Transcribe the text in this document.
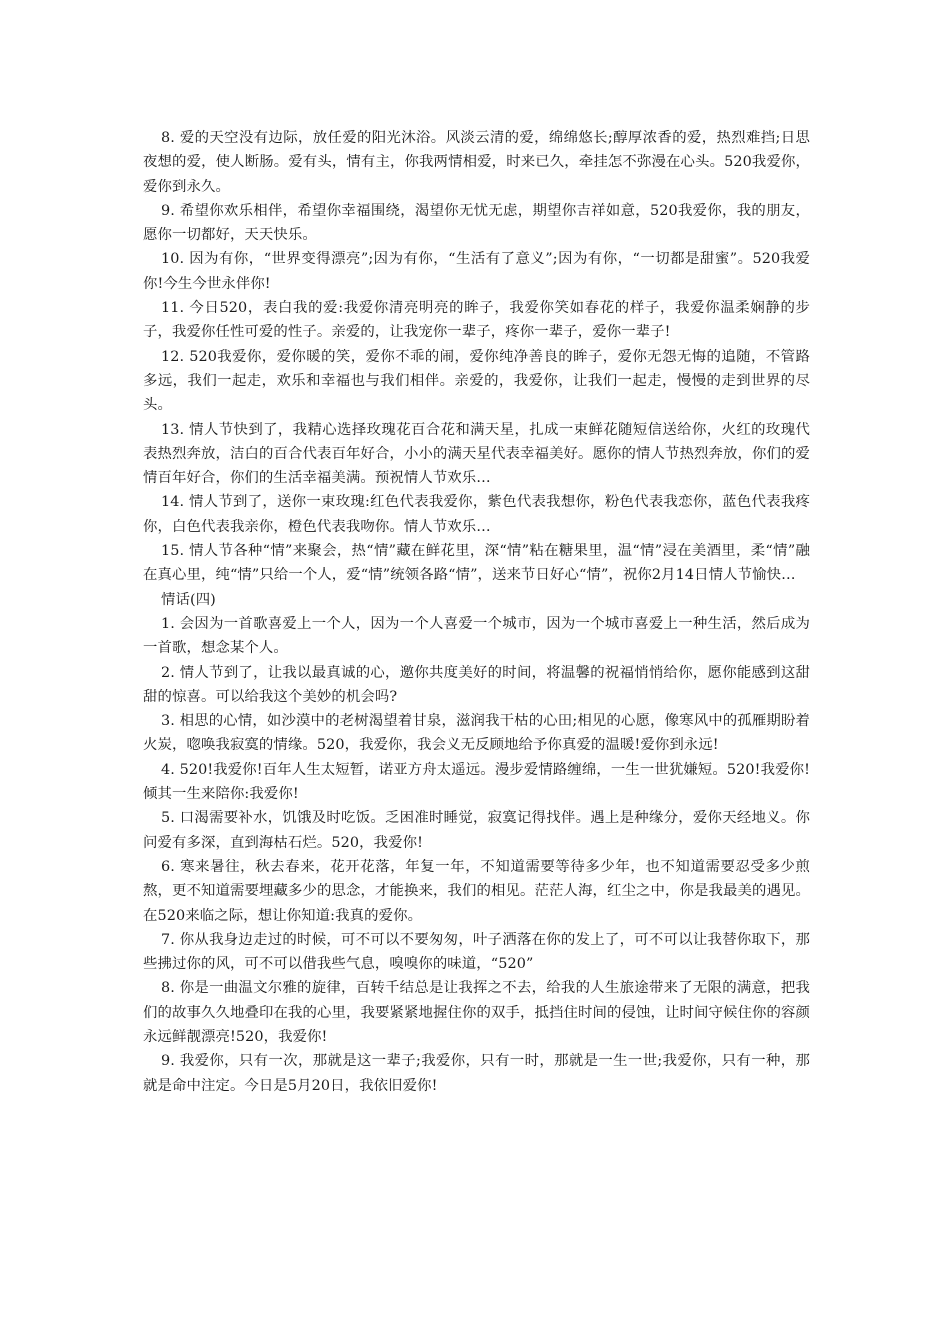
8. 爱的天空没有边际，放任爱的阳光沐浴。风淡云清的爱，绵绵悠长;醇厚浓香的爱，热烈难挡;日思夜想的爱，使人断肠。爱有头，情有主，你我两情相爱，时来已久，牵挂怎不弥漫在心头。520我爱你，爱你到永久。

9. 希望你欢乐相伴，希望你幸福围绕，渴望你无忧无虑，期望你吉祥如意，520我爱你，我的朋友，愿你一切都好，天天快乐。

10. 因为有你，“世界变得漂亮”;因为有你，“生活有了意义”;因为有你，“一切都是甜蜜”。520我爱你!今生今世永伴你!

11. 今日520，表白我的爱:我爱你清亮明亮的眸子，我爱你笑如春花的样子，我爱你温柔娴静的步子，我爱你任性可爱的性子。亲爱的，让我宠你一辈子，疼你一辈子，爱你一辈子!

12. 520我爱你，爱你暖的笑，爱你不乖的闹，爱你纯净善良的眸子，爱你无怨无悔的追随，不管路多远，我们一起走，欢乐和幸福也与我们相伴。亲爱的，我爱你，让我们一起走，慢慢的走到世界的尽头。

13. 情人节快到了，我精心选择玫瑰花百合花和满天星，扎成一束鲜花随短信送给你，火红的玫瑰代表热烈奔放，洁白的百合代表百年好合，小小的满天星代表幸福美好。愿你的情人节热烈奔放，你们的爱情百年好合，你们的生活幸福美满。预祝情人节欢乐…

14. 情人节到了，送你一束玫瑰:红色代表我爱你，紫色代表我想你，粉色代表我恋你，蓝色代表我疼你，白色代表我亲你，橙色代表我吻你。情人节欢乐…

15. 情人节各种“情”来聚会，热“情”藏在鲜花里，深“情”粘在糖果里，温“情”浸在美酒里，柔“情”融在真心里，纯“情”只给一个人，爱“情”统领各路“情”，送来节日好心“情”，祝你2月14日情人节愉快…

情话(四)

1. 会因为一首歌喜爱上一个人，因为一个人喜爱一个城市，因为一个城市喜爱上一种生活，然后成为一首歌，想念某个人。

2. 情人节到了，让我以最真诚的心，邀你共度美好的时间，将温馨的祝福悄悄给你，愿你能感到这甜甜的惊喜。可以给我这个美妙的机会吗?

3. 相思的心情，如沙漠中的老树渴望着甘泉，滋润我干枯的心田;相见的心愿，像寒风中的孤雁期盼着火炭，唿唤我寂寞的情缘。520，我爱你，我会义无反顾地给予你真爱的温暖!爱你到永远!

4. 520!我爱你!百年人生太短暂，诺亚方舟太遥远。漫步爱情路缠绵，一生一世犹嫌短。520!我爱你!倾其一生来陪你:我爱你!

5. 口渴需要补水，饥饿及时吃饭。乏困准时睡觉，寂寞记得找伴。遇上是种缘分，爱你天经地义。你问爱有多深，直到海枯石烂。520，我爱你!

6. 寒来暑往，秋去春来，花开花落，年复一年，不知道需要等待多少年，也不知道需要忍受多少煎熬，更不知道需要埋藏多少的思念，才能换来，我们的相见。茫茫人海，红尘之中，你是我最美的遇见。在520来临之际，想让你知道:我真的爱你。

7. 你从我身边走过的时候，可不可以不要匆匆，叶子洒落在你的发上了，可不可以让我替你取下，那些拂过你的风，可不可以借我些气息，嗅嗅你的味道，“520”

8. 你是一曲温文尔雅的旋律，百转千结总是让我挥之不去，给我的人生旅途带来了无限的满意，把我们的故事久久地叠印在我的心里，我要紧紧地握住你的双手，抵挡住时间的侵蚀，让时间守候住你的容颜永远鲜靓漂亮!520，我爱你!

9. 我爱你，只有一次，那就是这一辈子;我爱你，只有一时，那就是一生一世;我爱你，只有一种，那就是命中注定。今日是5月20日，我依旧爱你!
